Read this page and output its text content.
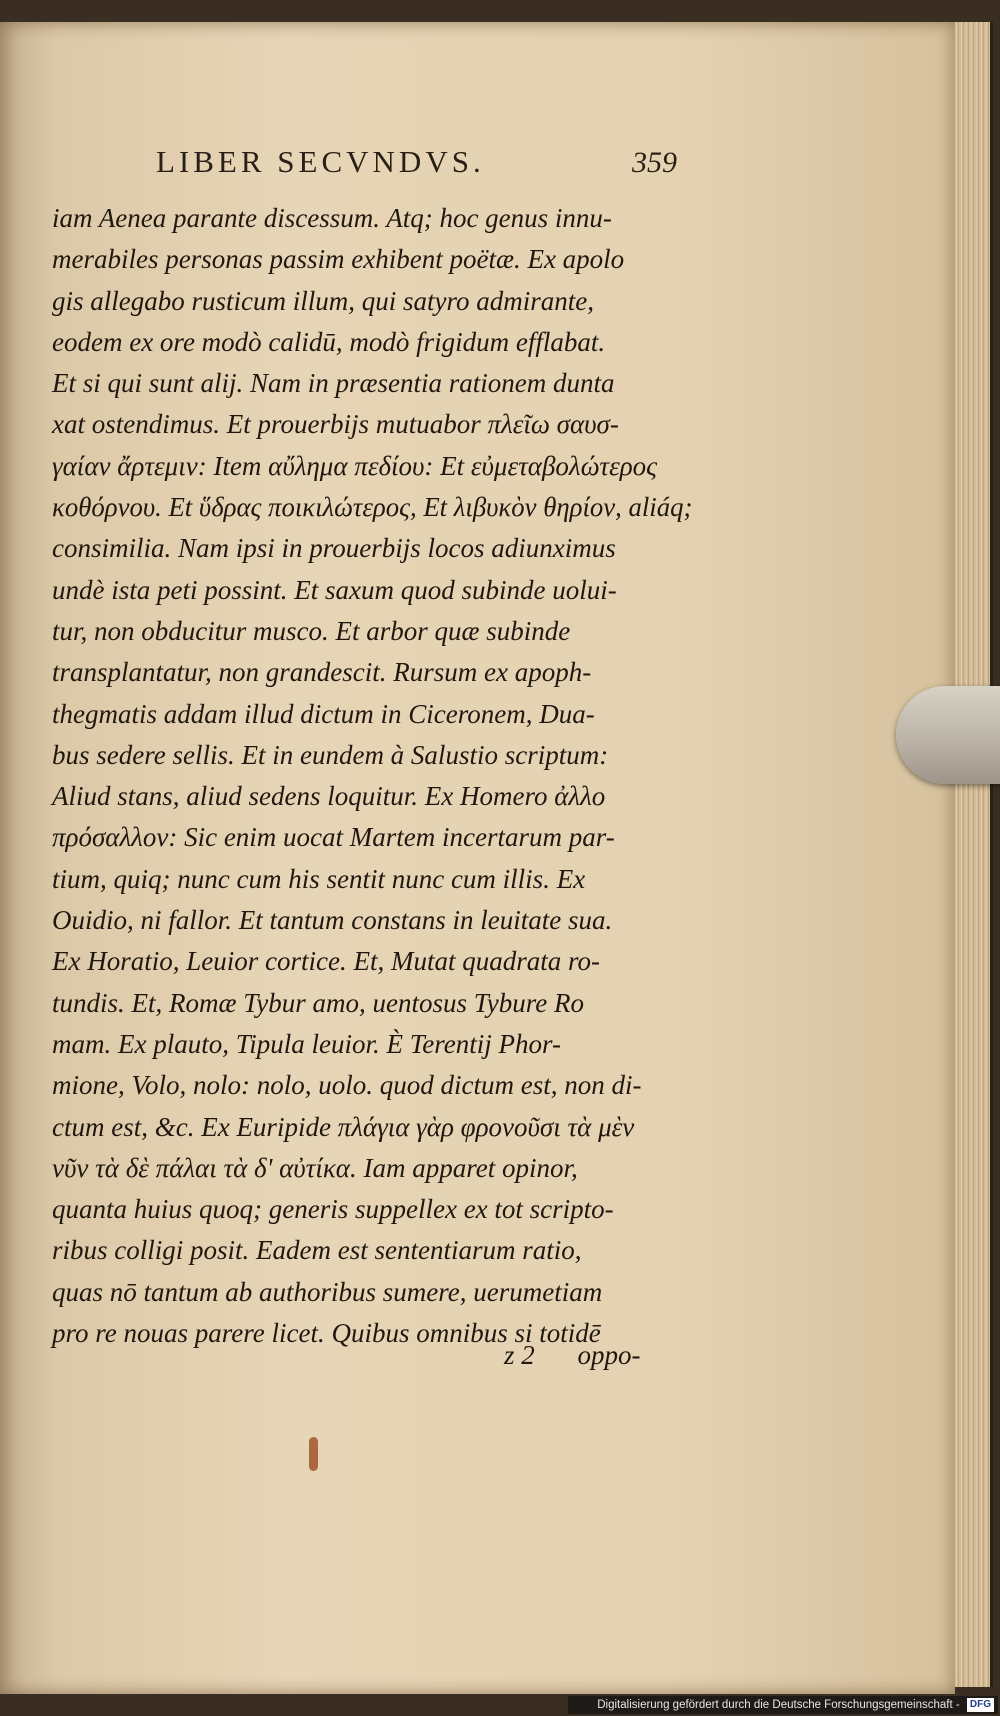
LIBER SECVNDVS.	359
iam Aenea parante discessum. Atq; hoc genus innu-
merabiles personas passim exhibent poëtæ. Ex apolo
gis allegabo rusticum illum, qui satyro admirante,
eodem ex ore modò calidū, modò frigidum efflabat.
Et si qui sunt alij. Nam in præsentia rationem dunta
xat ostendimus. Et prouerbijs mutuabor πλεῖω σαυσ-
γαίαν ἄρτεμιν: Item αὔλημα πεδίου: Et εὐμεταβολώτερος
κοθόρνου. Et ὕδρας ποικιλώτερος, Et λιβυκὸν θηρίον, aliáq;
consimilia. Nam ipsi in prouerbijs locos adiunximus
undè ista peti possint. Et saxum quod subinde uolui-
tur, non obducitur musco. Et arbor quæ subinde
transplantatur, non grandescit. Rursum ex apoph-
thegmatis addam illud dictum in Ciceronem, Dua-
bus sedere sellis. Et in eundem à Salustio scriptum:
Aliud stans, aliud sedens loquitur. Ex Homero ἀλλο
πρόσαλλον: Sic enim uocat Martem incertarum par-
tium, quiq; nunc cum his sentit nunc cum illis. Ex
Ouidio, ni fallor. Et tantum constans in leuitate sua.
Ex Horatio, Leuior cortice. Et, Mutat quadrata ro-
tundis. Et, Romæ Tybur amo, uentosus Tybure Ro
mam. Ex plauto, Tipula leuior. È Terentij Phor-
mione, Volo, nolo: nolo, uolo. quod dictum est, non di-
ctum est, &c. Ex Euripide πλάγια γὰρ φρονοῦσι τὰ μὲν
νῦν τὰ δὲ πάλαι τὰ δ' αὐτίκα. Iam apparet opinor,
quanta huius quoq; generis suppellex ex tot scripto-
ribus colligi posit. Eadem est sententiarum ratio,
quas nō tantum ab authoribus sumere, uerumetiam
pro re nouas parere licet. Quibus omnibus si totidē
z 2 oppo-
Digitalisierung gefördert durch die Deutsche Forschungsgemeinschaft - DFG
